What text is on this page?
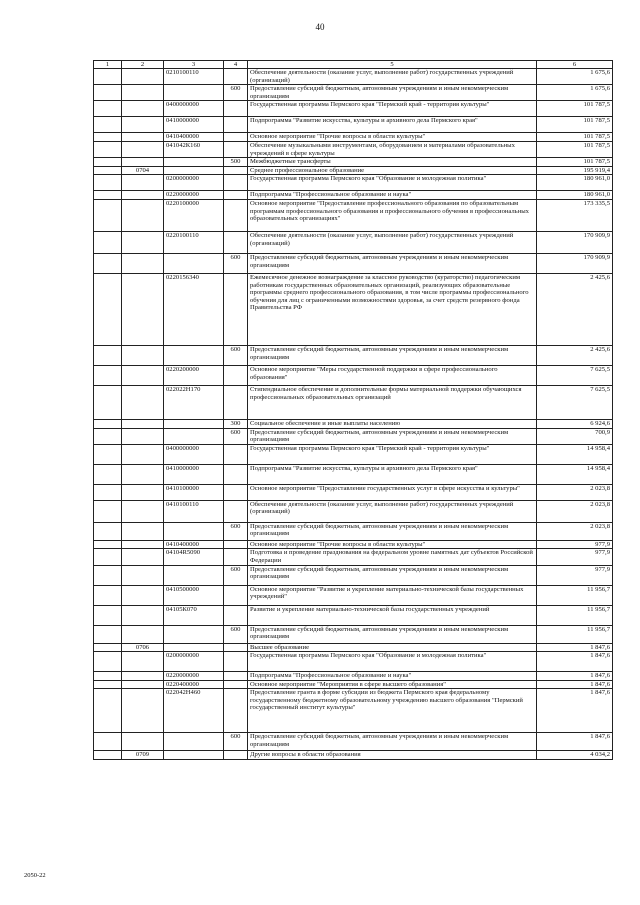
40
1	2	3	4	5	6
		0210100110		Обеспечение деятельности (оказание услуг, выполнение работ) государственных учреждений (организаций)	1 675,6
			600	Предоставление субсидий бюджетным, автономным учреждениям и иным некоммерческим организациям	1 675,6
		0400000000		Государственная программа Пермского края "Пермский край - территория культуры"	101 787,5
		0410000000		Подпрограмма "Развитие искусства, культуры и архивного дела Пермского края"	101 787,5
		0410400000		Основное мероприятие "Прочие вопросы в области культуры"	101 787,5
		041042К160		Обеспечение музыкальными инструментами, оборудованием и материалами образовательных учреждений в сфере культуры	101 787,5
			500	Межбюджетные трансферты	101 787,5
	0704			Среднее профессиональное образование	195 919,4
		0200000000		Государственная программа Пермского края "Образование и молодежная политика"	180 961,0
		0220000000		Подпрограмма "Профессиональное образование и наука"	180 961,0
		0220100000		Основное мероприятие "Предоставление профессионального образования по образовательным программам профессионального образования и профессионального обучения в профессиональных образовательных организациях"	173 335,5
		0220100110		Обеспечение деятельности (оказание услуг, выполнение работ) государственных учреждений (организаций)	170 909,9
			600	Предоставление субсидий бюджетным, автономным учреждениям и иным некоммерческим организациям	170 909,9
		0220156340		Ежемесячное денежное вознаграждение за классное руководство (кураторство) педагогическим работникам государственных образовательных организаций, реализующих образовательные программы среднего профессионального образования, в том числе программы профессионального обучения для лиц с ограниченными возможностями здоровья, за счет средств резервного фонда Правительства РФ	2 425,6
			600	Предоставление субсидий бюджетным, автономным учреждениям и иным некоммерческим организациям	2 425,6
		0220200000		Основное мероприятие "Меры государственной поддержки в сфере профессионального образования"	7 625,5
		022022Н170		Стипендиальное обеспечение и дополнительные формы материальной поддержки обучающихся профессиональных образовательных организаций	7 625,5
			300	Социальное обеспечение и иные выплаты населению	6 924,6
			600	Предоставление субсидий бюджетным, автономным учреждениям и иным некоммерческим организациям	700,9
		0400000000		Государственная программа Пермского края "Пермский край - территория культуры"	14 958,4
		0410000000		Подпрограмма "Развитие искусства, культуры и архивного дела Пермского края"	14 958,4
		0410100000		Основное мероприятие "Предоставление государственных услуг в сфере искусства и культуры"	2 023,8
		0410100110		Обеспечение деятельности (оказание услуг, выполнение работ) государственных учреждений (организаций)	2 023,8
			600	Предоставление субсидий бюджетным, автономным учреждениям и иным некоммерческим организациям	2 023,8
		0410400000		Основное мероприятие "Прочие вопросы в области культуры"	977,9
		04104R5090		Подготовка и проведение празднования на федеральном уровне памятных дат субъектов Российской Федерации	977,9
			600	Предоставление субсидий бюджетным, автономным учреждениям и иным некоммерческим организациям	977,9
		0410500000		Основное мероприятие "Развитие и укрепление материально-технической базы государственных учреждений"	11 956,7
		04105К070		Развитие и укрепление материально-технической базы государственных учреждений	11 956,7
			600	Предоставление субсидий бюджетным, автономным учреждениям и иным некоммерческим организациям	11 956,7
	0706			Высшее образование	1 847,6
		0200000000		Государственная программа Пермского края "Образование и молодежная политика"	1 847,6
		0220000000		Подпрограмма "Профессиональное образование и наука"	1 847,6
		0220400000		Основное мероприятие "Мероприятия в сфере высшего образования"	1 847,6
		022042Н460		Предоставление гранта в форме субсидии из бюджета Пермского края федеральному государственному бюджетному образовательному учреждению высшего образования "Пермский государственный институт культуры"	1 847,6
			600	Предоставление субсидий бюджетным, автономным учреждениям и иным некоммерческим организациям	1 847,6
	0709			Другие вопросы в области образования	4 034,2
2050-22
